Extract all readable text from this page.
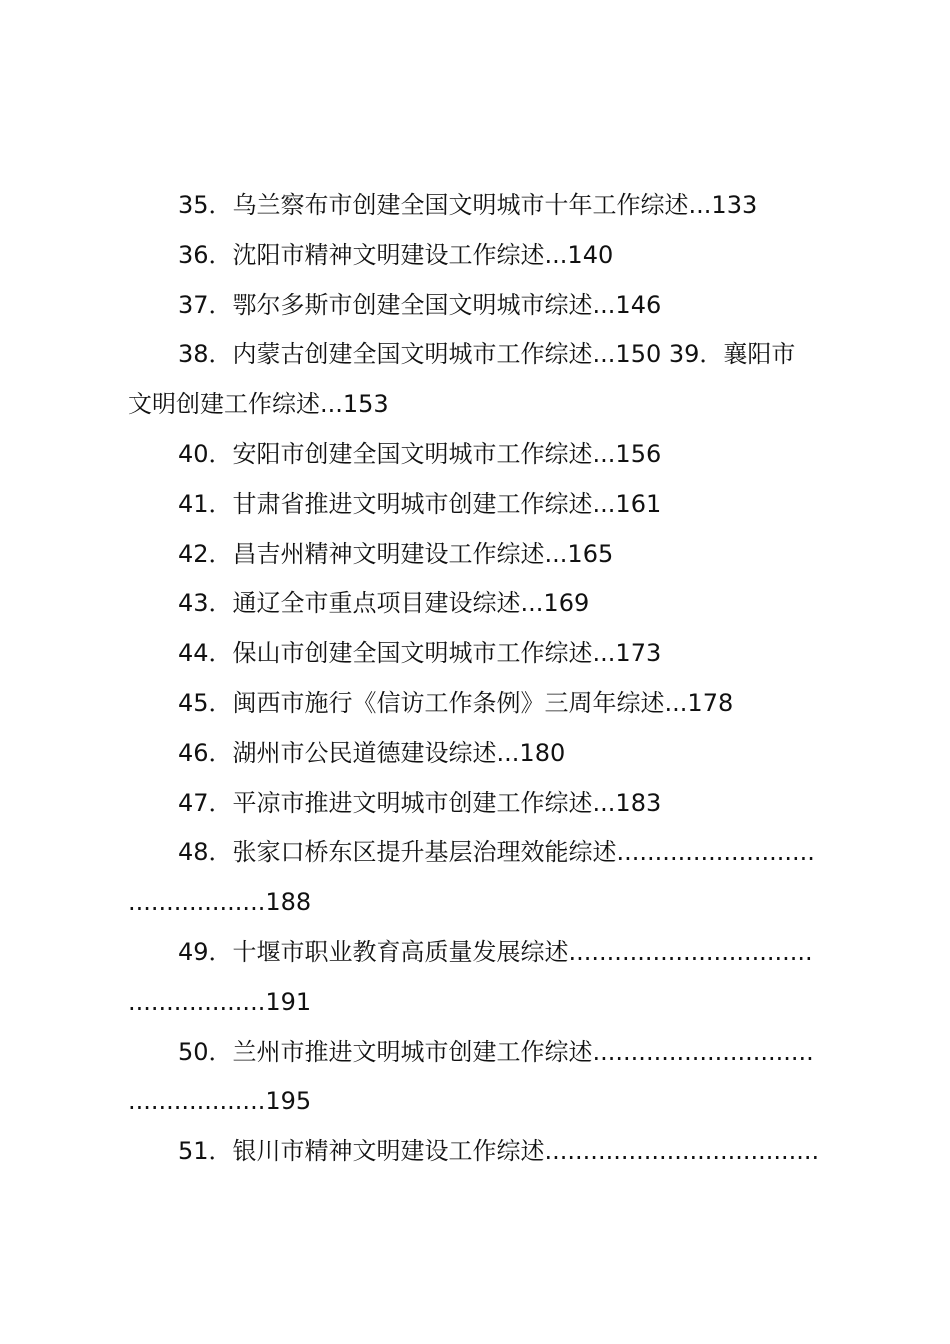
35．乌兰察布市创建全国文明城市十年工作综述...133
36．沈阳市精神文明建设工作综述...140
37．鄂尔多斯市创建全国文明城市综述...146
38．内蒙古创建全国文明城市工作综述...150 39．襄阳市
文明创建工作综述...153
40．安阳市创建全国文明城市工作综述...156
41．甘肃省推进文明城市创建工作综述...161
42．昌吉州精神文明建设工作综述...165
43．通辽全市重点项目建设综述...169
44．保山市创建全国文明城市工作综述...173
45．闽西市施行《信访工作条例》三周年综述...178
46．湖州市公民道德建设综述...180
47．平凉市推进文明城市创建工作综述...183
48．张家口桥东区提升基层治理效能综述..........................
..................188
49．十堰市职业教育高质量发展综述................................
..................191
50．兰州市推进文明城市创建工作综述.............................
..................195
51．银川市精神文明建设工作综述....................................
